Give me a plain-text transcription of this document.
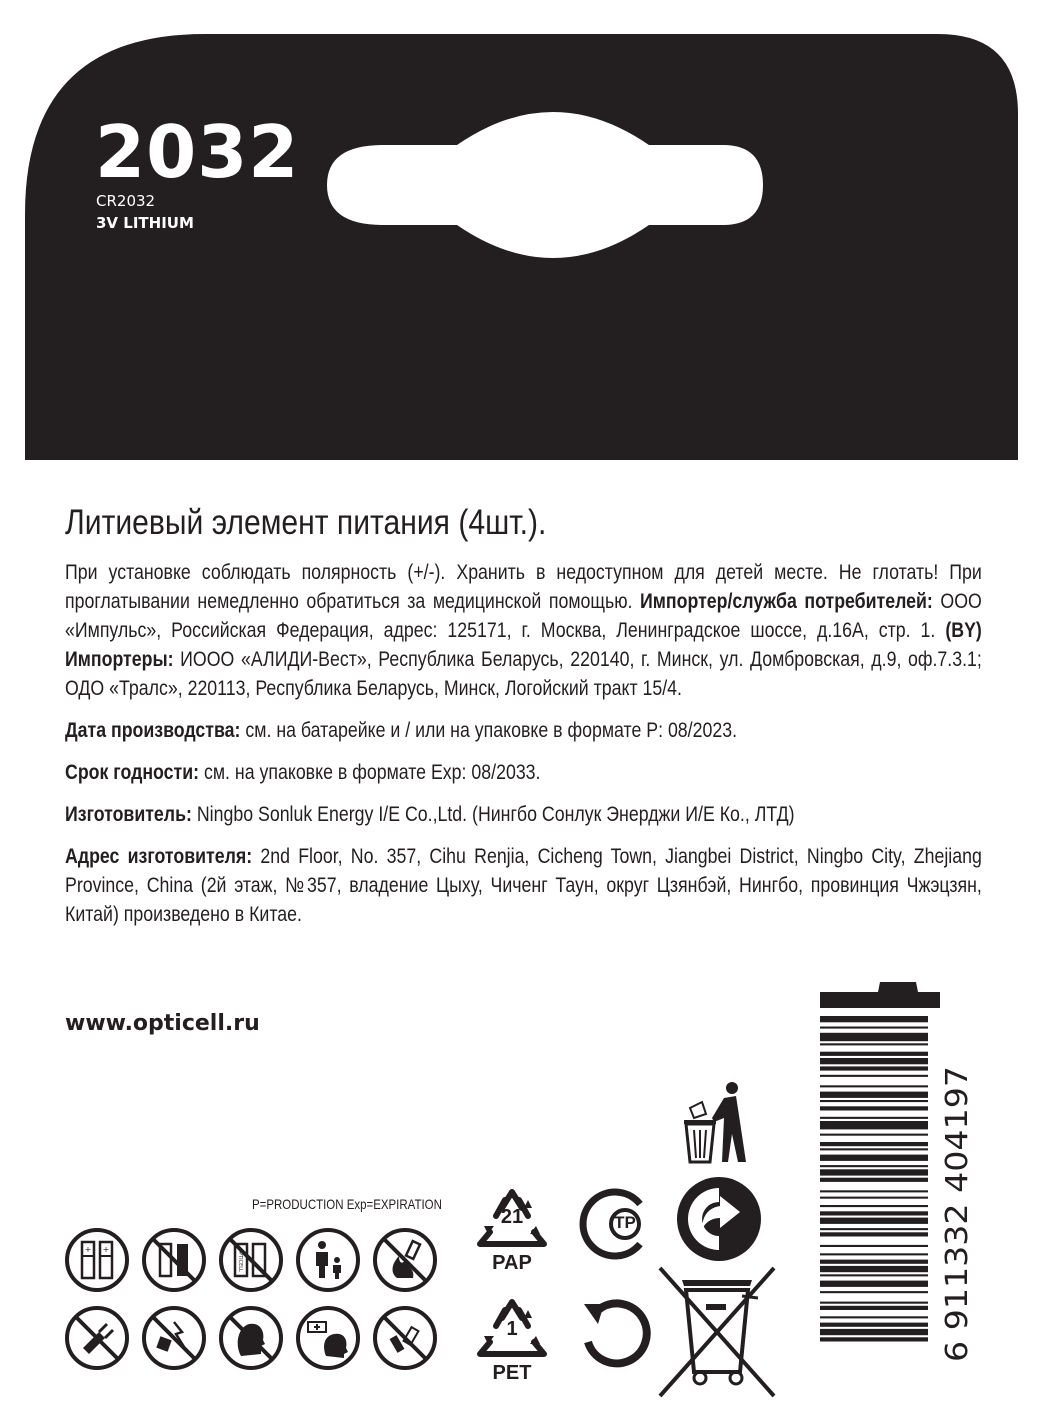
2032
CR2032
3V LITHIUM
Литиевый элемент питания (4шт.).

При установке соблюдать полярность (+/-). Хранить в недоступном для детей месте. Не глотать! При проглатывании немедленно обратиться за медицинской помощью. Импортер/служба потребителей: ООО «Импульс», Российская Федерация, адрес: 125171, г. Москва, Ленинградское шоссе, д.16А, стр. 1. (BY) Импортеры: ИООО «АЛИДИ-Вест», Республика Беларусь, 220140, г. Минск, ул. Домбровская, д.9, оф.7.3.1; ОДО «Тралс», 220113, Республика Беларусь, Минск, Логойский тракт 15/4.

Дата производства: см. на батарейке и / или на упаковке в формате P: 08/2023.

Срок годности: см. на упаковке в формате Exp: 08/2033.

Изготовитель: Ningbo Sonluk Energy I/E Co.,Ltd. (Нингбо Сонлук Энерджи И/Е Ко., ЛТД)

Адрес изготовителя: 2nd Floor, No. 357, Cihu Renjia, Cicheng Town, Jiangbei District, Ningbo City, Zhejiang Province, China (2й этаж, №357, владение Цыху, Чиченг Таун, округ Цзянбэй, Нингбо, провинция Чжэцзян, Китай) произведено в Китае.

www.opticell.ru
P=PRODUCTION Exp=EXPIRATION
+ +	OPTICELL
21
PAP
1
PET
TP	6 911332 404197
